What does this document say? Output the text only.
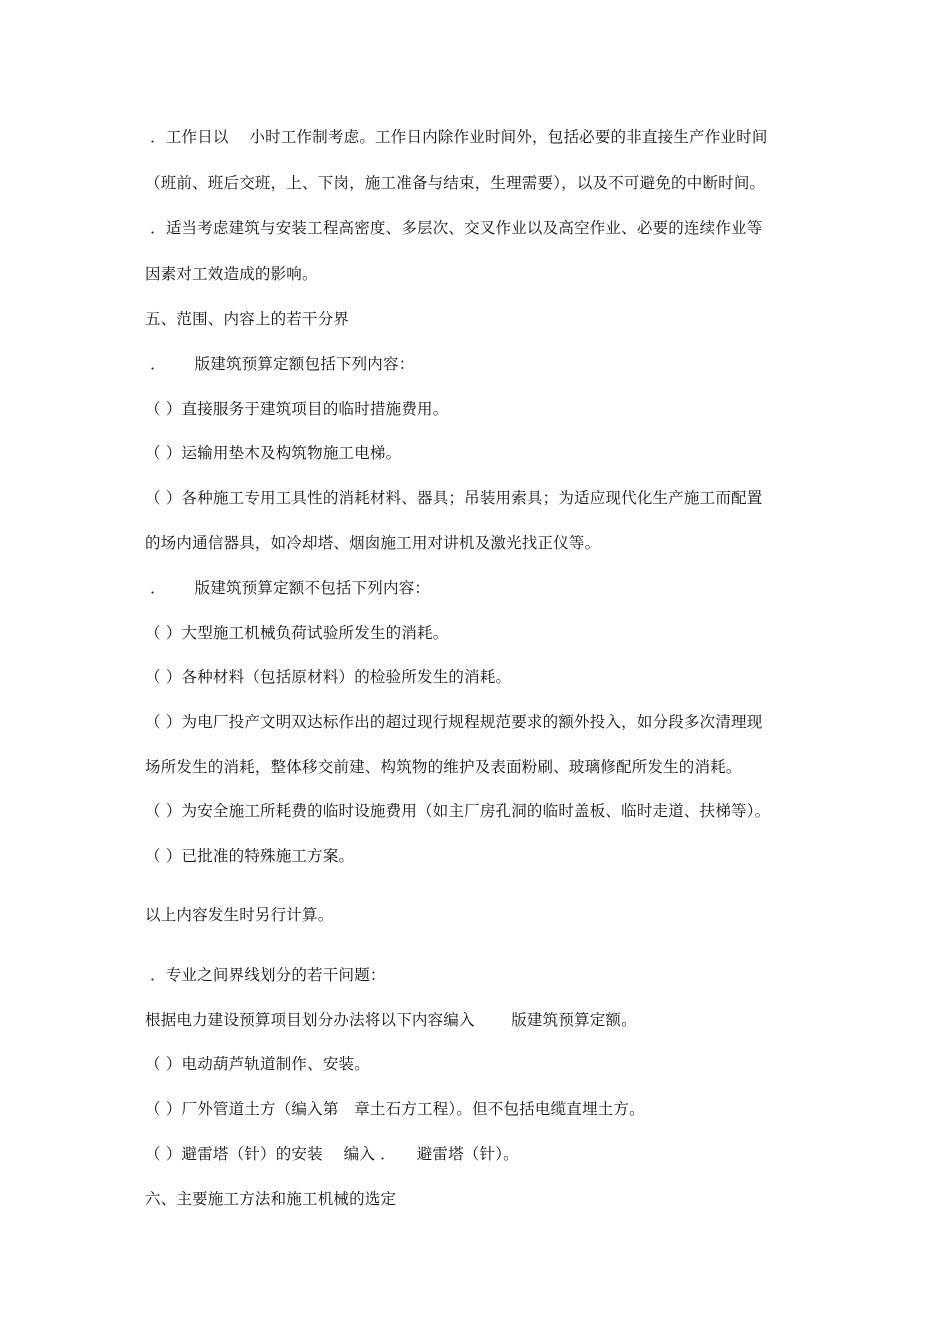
．工作日以 　小时工作制考虑。工作日内除作业时间外，包括必要的非直接生产作业时间
（班前、班后交班，上、下岗，施工准备与结束，生理需要），以及不可避免的中断时间。
．适当考虑建筑与安装工程高密度、多层次、交叉作业以及高空作业、必要的连续作业等
因素对工效造成的影响。
五、范围、内容上的若干分界
．　　 版建筑预算定额包括下列内容：
（ ）直接服务于建筑项目的临时措施费用。
（ ）运输用垫木及构筑物施工电梯。
（ ）各种施工专用工具性的消耗材料、器具；吊装用索具；为适应现代化生产施工而配置
的场内通信器具，如冷却塔、烟囱施工用对讲机及激光找正仪等。
．　　 版建筑预算定额不包括下列内容：
（ ）大型施工机械负荷试验所发生的消耗。
（ ）各种材料（包括原材料）的检验所发生的消耗。
（ ）为电厂投产文明双达标作出的超过现行规程规范要求的额外投入，如分段多次清理现
场所发生的消耗，整体移交前建、构筑物的维护及表面粉刷、玻璃修配所发生的消耗。
（ ）为安全施工所耗费的临时设施费用（如主厂房孔洞的临时盖板、临时走道、扶梯等）。
（ ）已批准的特殊施工方案。
以上内容发生时另行计算。
．专业之间界线划分的若干问题：
根据电力建设预算项目划分办法将以下内容编入　　 版建筑预算定额。
（ ）电动葫芦轨道制作、安装。
（ ）厂外管道土方（编入第　章土石方工程）。但不包括电缆直埋土方。
（ ）避雷塔（针）的安装　 编入 ． 　避雷塔（针）。
六、主要施工方法和施工机械的选定
